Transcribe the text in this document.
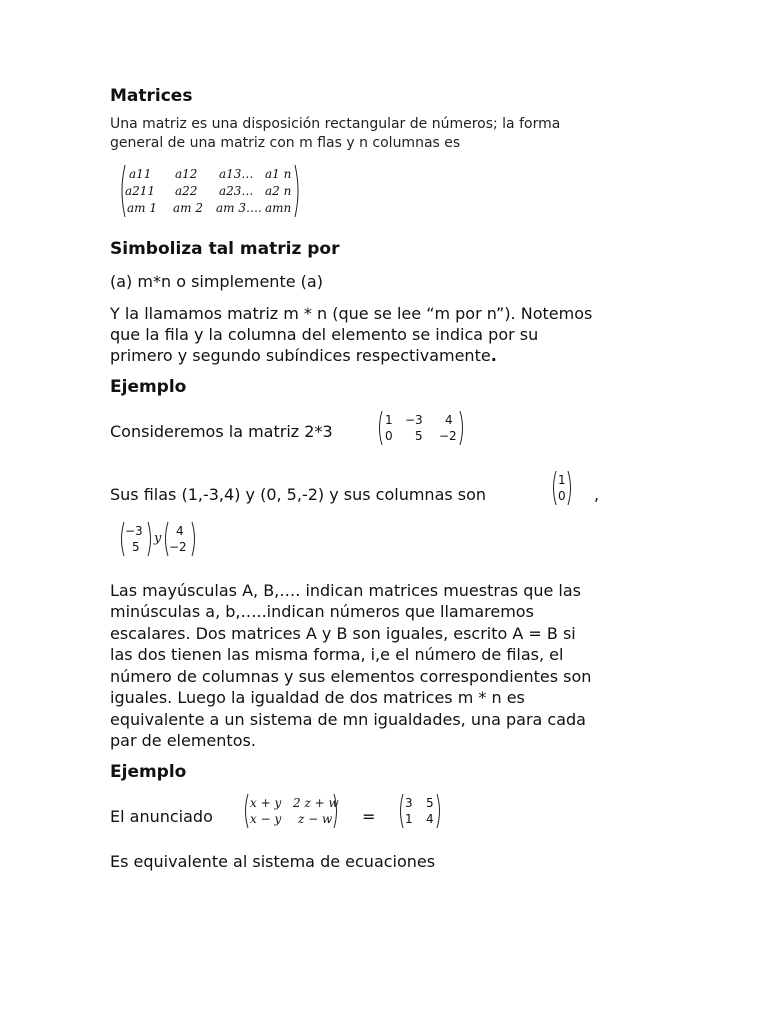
Matrices
Una matriz es una disposición rectangular de números; la forma
general de una matriz con m flas y n columnas es
a11 a12 a13… a1 n
a211 a22 a23… a2 n
am 1 am 2 am 3…. amn
Simboliza tal matriz por
(a) m*n o simplemente (a)
Y la llamamos matriz m * n (que se lee “m por n”). Notemos
que la fila y la columna del elemento se indica por su
primero y segundo subíndices respectivamente.
Ejemplo
Consideremos la matriz 2*3
1 −3 4
0 5 −2
Sus filas (1,-3,4) y (0, 5,-2) y sus columnas son
1
0 ,
−3
5
y 4
−2
Las mayúsculas A, B,…. indican matrices muestras que las
minúsculas a, b,…..indican números que llamaremos
escalares. Dos matrices A y B son iguales, escrito A = B si
las dos tienen las misma forma, i,e el número de filas, el
número de columnas y sus elementos correspondientes son
iguales. Luego la igualdad de dos matrices m * n es
equivalente a un sistema de mn igualdades, una para cada
par de elementos.
Ejemplo
El anunciado
x + y 2 z + w
x − y z − w =
3 5
1 4
Es equivalente al sistema de ecuaciones
